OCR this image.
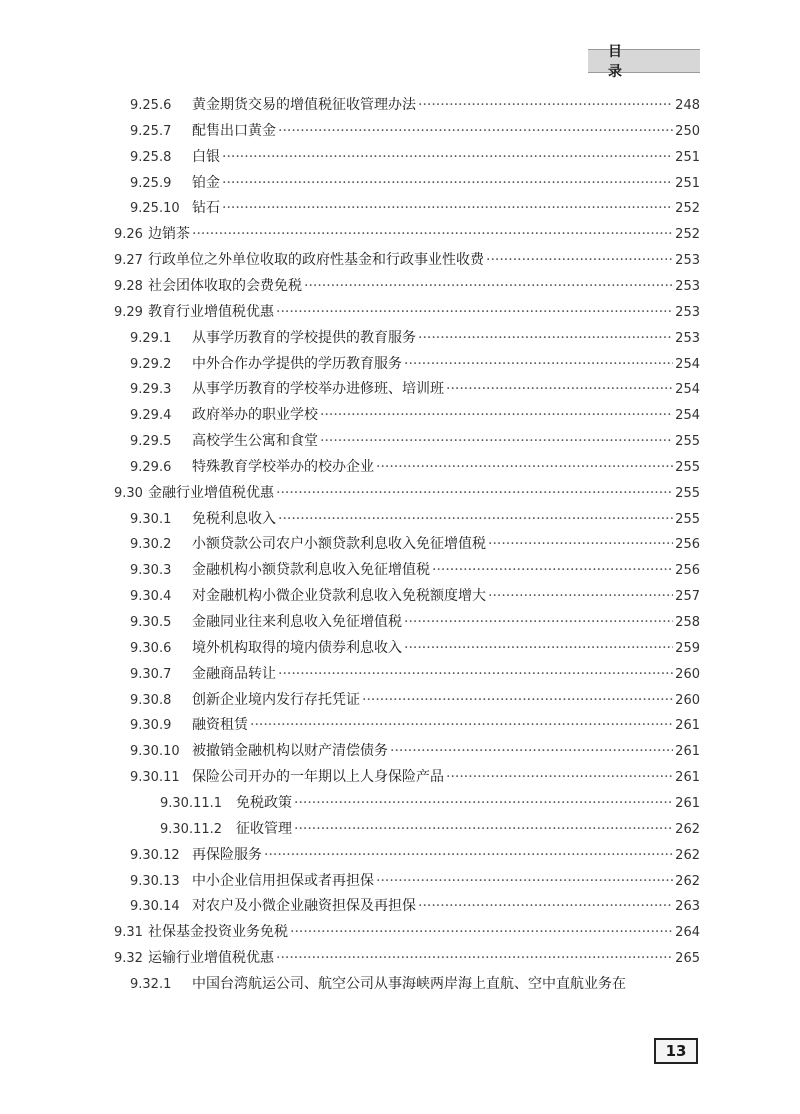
目 录
9.25.6	黄金期货交易的增值税征收管理办法 ·····	248
9.25.7	配售出口黄金 ·····	250
9.25.8	白银 ·····	251
9.25.9	铂金 ·····	251
9.25.10 钻石 ·····	252
9.26 边销茶 ·····	252
9.27 行政单位之外单位收取的政府性基金和行政事业性收费 ·····	253
9.28 社会团体收取的会费免税 ·····	253
9.29 教育行业增值税优惠 ·····	253
9.29.1	从事学历教育的学校提供的教育服务 ·····	253
9.29.2	中外合作办学提供的学历教育服务 ·····	254
9.29.3	从事学历教育的学校举办进修班、培训班 ·····	254
9.29.4	政府举办的职业学校 ·····	254
9.29.5	高校学生公寓和食堂 ·····	255
9.29.6	特殊教育学校举办的校办企业 ·····	255
9.30 金融行业增值税优惠 ·····	255
9.30.1	免税利息收入 ·····	255
9.30.2	小额贷款公司农户小额贷款利息收入免征增值税 ·····	256
9.30.3	金融机构小额贷款利息收入免征增值税 ·····	256
9.30.4	对金融机构小微企业贷款利息收入免税额度增大 ·····	257
9.30.5	金融同业往来利息收入免征增值税 ·····	258
9.30.6	境外机构取得的境内债券利息收入 ·····	259
9.30.7	金融商品转让 ·····	260
9.30.8	创新企业境内发行存托凭证 ·····	260
9.30.9	融资租赁 ·····	261
9.30.10 被撤销金融机构以财产清偿债务 ·····	261
9.30.11 保险公司开办的一年期以上人身保险产品 ·····	261
9.30.11.1 免税政策 ·····	261
9.30.11.2 征收管理 ·····	262
9.30.12 再保险服务 ·····	262
9.30.13 中小企业信用担保或者再担保 ·····	262
9.30.14 对农户及小微企业融资担保及再担保 ·····	263
9.31 社保基金投资业务免税 ·····	264
9.32 运输行业增值税优惠 ·····	265
9.32.1	中国台湾航运公司、航空公司从事海峡两岸海上直航、空中直航业务在
13
